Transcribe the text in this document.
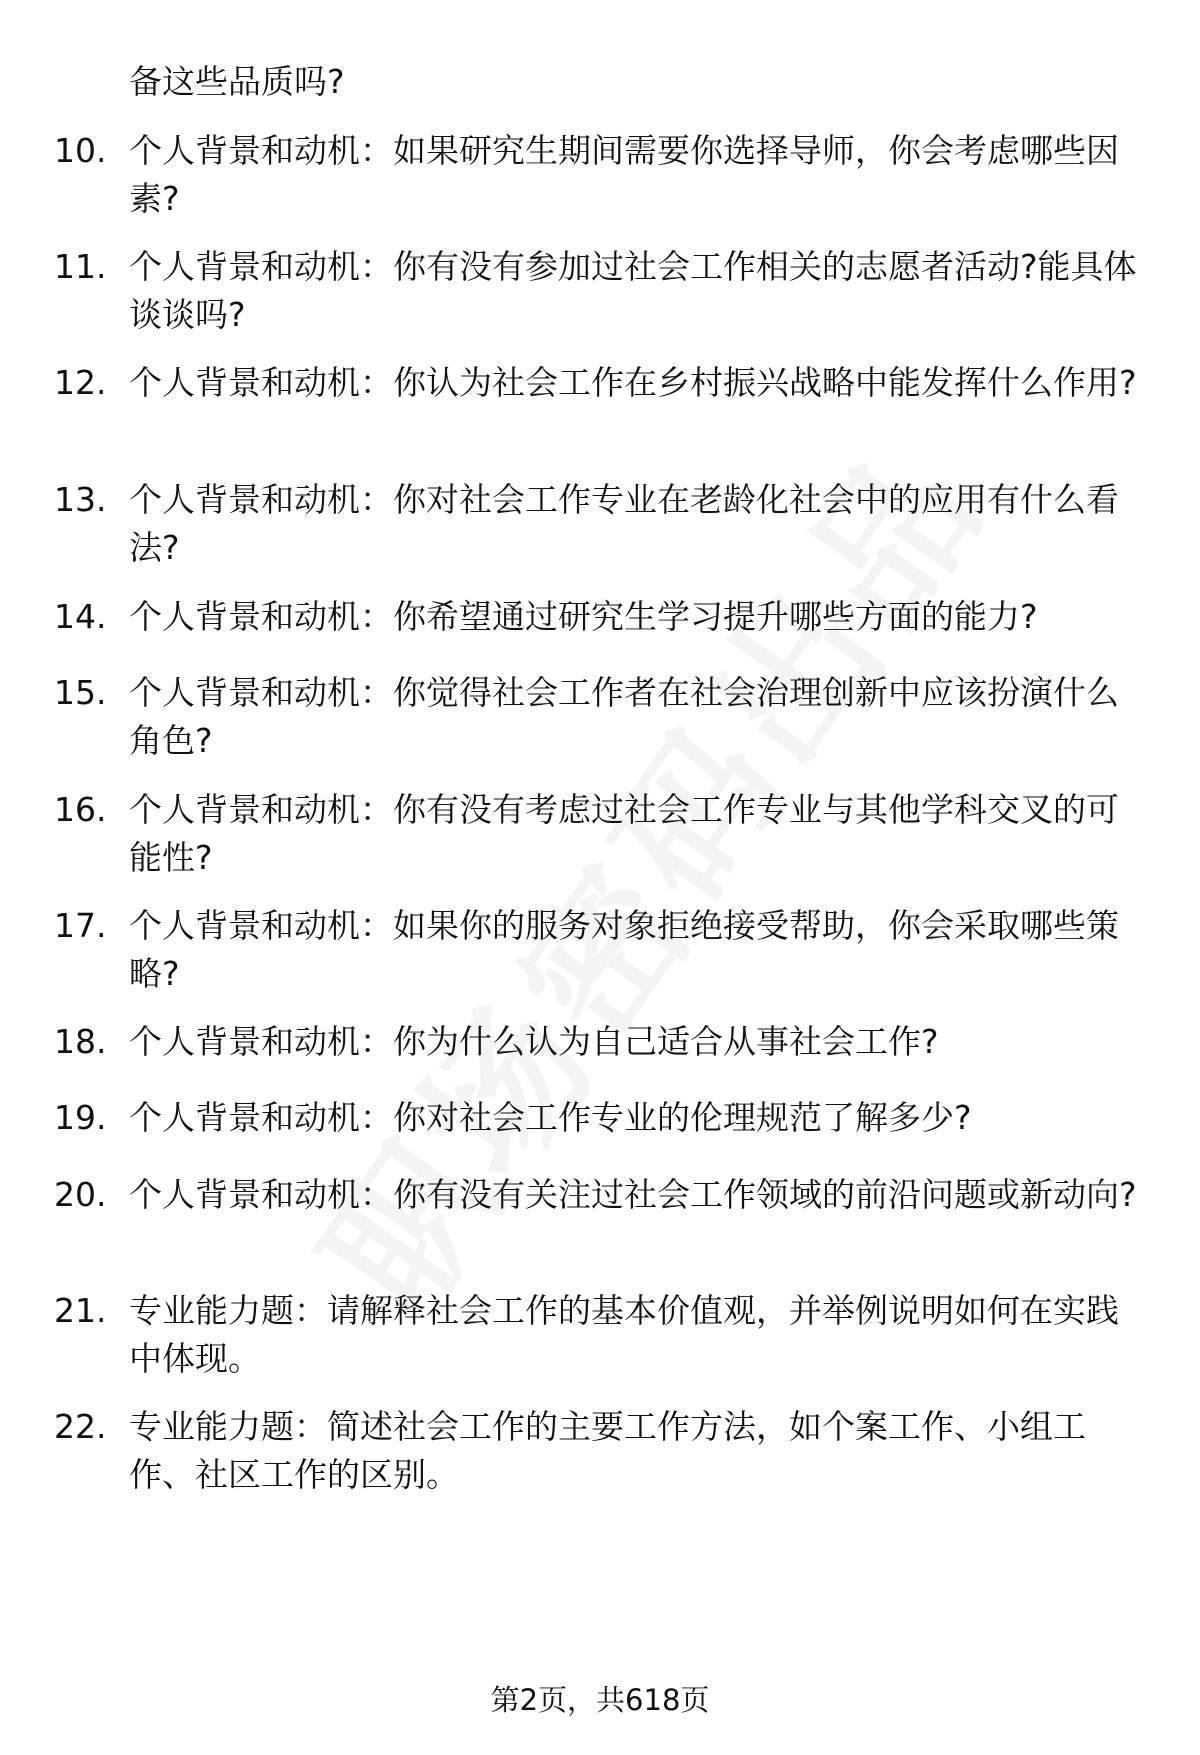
备这些品质吗?
10. 个人背景和动机：如果研究生期间需要你选择导师，你会考虑哪些因素?
11. 个人背景和动机：你有没有参加过社会工作相关的志愿者活动?能具体谈谈吗?
12. 个人背景和动机：你认为社会工作在乡村振兴战略中能发挥什么作用?
13. 个人背景和动机：你对社会工作专业在老龄化社会中的应用有什么看法?
14. 个人背景和动机：你希望通过研究生学习提升哪些方面的能力?
15. 个人背景和动机：你觉得社会工作者在社会治理创新中应该扮演什么角色?
16. 个人背景和动机：你有没有考虑过社会工作专业与其他学科交叉的可能性?
17. 个人背景和动机：如果你的服务对象拒绝接受帮助，你会采取哪些策略?
18. 个人背景和动机：你为什么认为自己适合从事社会工作?
19. 个人背景和动机：你对社会工作专业的伦理规范了解多少?
20. 个人背景和动机：你有没有关注过社会工作领域的前沿问题或新动向?
21. 专业能力题：请解释社会工作的基本价值观，并举例说明如何在实践中体现。
22. 专业能力题：简述社会工作的主要工作方法，如个案工作、小组工作、社区工作的区别。
第2页，共618页
